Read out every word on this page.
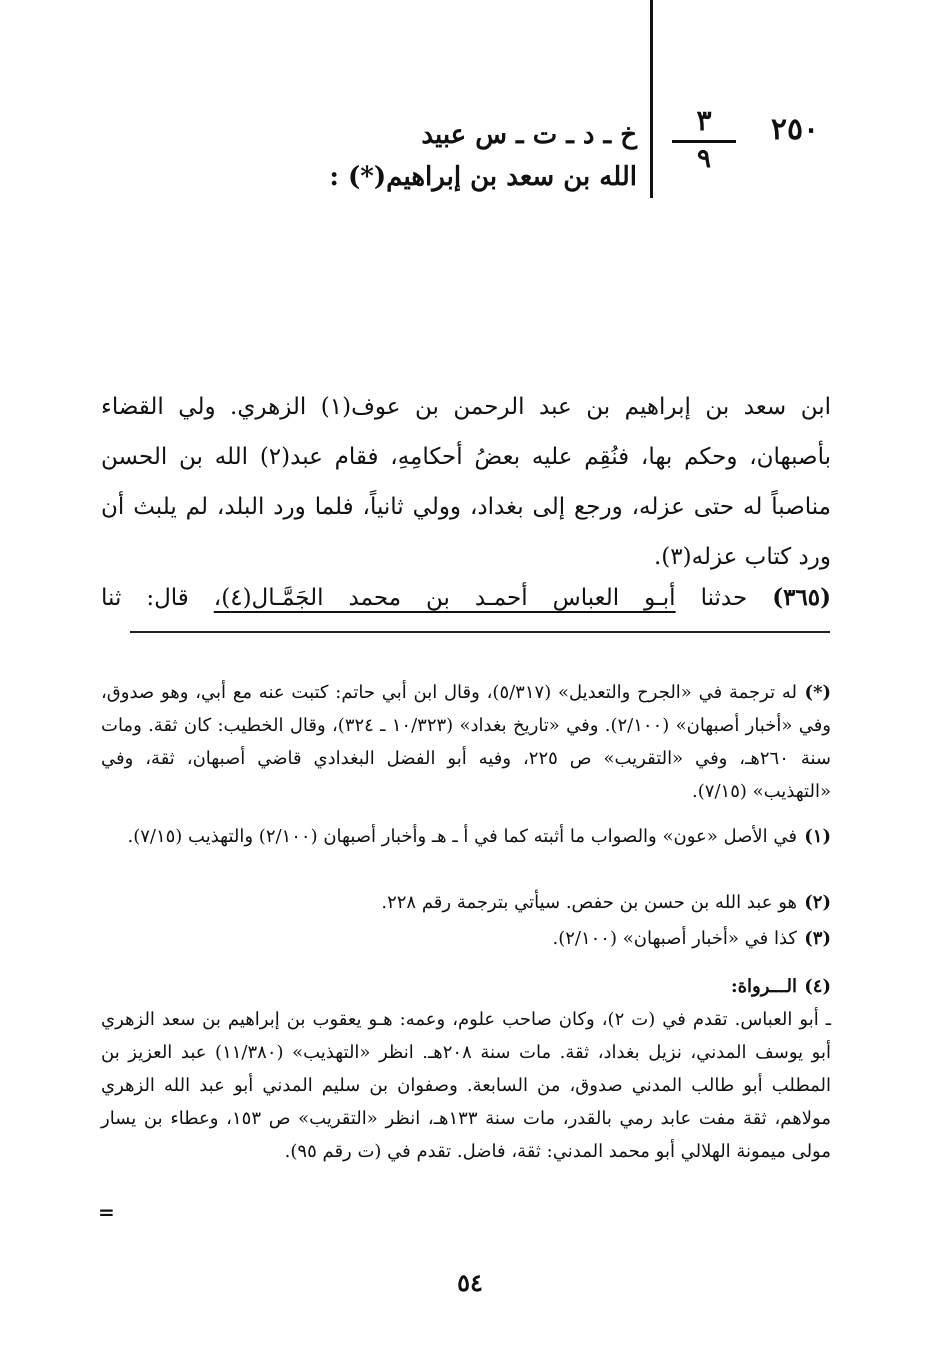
٢٥٠
٣
٩
خ ـ د ـ ت ـ س عبيد
الله بن سعد بن إبراهيم(*) :
ابن سعد بن إبراهيم بن عبد الرحمن بن عوف(١) الزهري. ولي القضاء بأصبهان، وحكم بها، فنُقِم عليه بعضُ أحكامِهِ، فقام عبد(٢) الله بن الحسن مناصباً له حتى عزله، ورجع إلى بغداد، وولي ثانياً، فلما ورد البلد، لم يلبث أن ورد كتاب عزله(٣).
(٣٦٥) حدثنا أبـو العباس أحمـد بن محمد الجَمَّـال(٤)، قال: ثنا
(*)له ترجمة في «الجرح والتعديل» (٥/٣١٧)، وقال ابن أبي حاتم: كتبت عنه مع أبي، وهو صدوق، وفي «أخبار أصبهان» (٢/١٠٠). وفي «تاريخ بغداد» (١٠/٣٢٣ ـ ٣٢٤)، وقال الخطيب: كان ثقة. ومات سنة ٢٦٠هـ، وفي «التقريب» ص ٢٢٥، وفيه أبو الفضل البغدادي قاضي أصبهان، ثقة، وفي «التهذيب» (٧/١٥).
(١)في الأصل «عون» والصواب ما أثبته كما في أ ـ هـ وأخبار أصبهان (٢/١٠٠) والتهذيب (٧/١٥).
(٢)هو عبد الله بن حسن بن حفص. سيأتي بترجمة رقم ٢٢٨.
(٣)كذا في «أخبار أصبهان» (٢/١٠٠).
(٤)الـــرواة:
ـ أبو العباس. تقدم في (ت ٢)، وكان صاحب علوم، وعمه: هـو يعقوب بن إبراهيم بن سعد الزهري أبو يوسف المدني، نزيل بغداد، ثقة. مات سنة ٢٠٨هـ. انظر «التهذيب» (١١/٣٨٠) عبد العزيز بن المطلب أبو طالب المدني صدوق، من السابعة. وصفوان بن سليم المدني أبو عبد الله الزهري مولاهم، ثقة مفت عابد رمي بالقدر، مات سنة ١٣٣هـ، انظر «التقريب» ص ١٥٣، وعطاء بن يسار مولى ميمونة الهلالي أبو محمد المدني: ثقة، فاضل. تقدم في (ت رقم ٩٥).
=
٥٤
